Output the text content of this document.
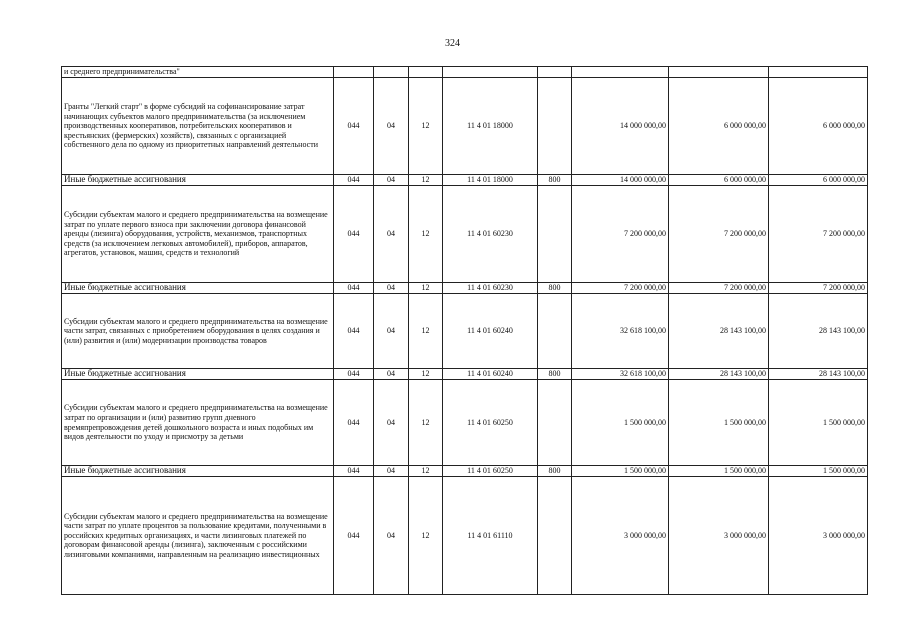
324
и среднего предпринимательства"								
Гранты "Легкий старт" в форме субсидий на софинансирование затрат начинающих субъектов малого предпринимательства (за исключением производственных кооперативов, потребительских кооперативов и крестьянских (фермерских) хозяйств), связанных с организацией собственного дела по одному из приоритетных направлений деятельности	044	04	12	11 4 01 18000		14 000 000,00	6 000 000,00	6 000 000,00
Иные бюджетные ассигнования	044	04	12	11 4 01 18000	800	14 000 000,00	6 000 000,00	6 000 000,00
Субсидии субъектам малого и среднего предпринимательства на возмещение затрат по уплате первого взноса при заключении договора финансовой аренды (лизинга) оборудования, устройств, механизмов, транспортных средств (за исключением легковых автомобилей), приборов, аппаратов, агрегатов, установок, машин, средств и технологий	044	04	12	11 4 01 60230		7 200 000,00	7 200 000,00	7 200 000,00
Иные бюджетные ассигнования	044	04	12	11 4 01 60230	800	7 200 000,00	7 200 000,00	7 200 000,00
Субсидии субъектам малого и среднего предпринимательства на возмещение части затрат, связанных с приобретением оборудования в целях создания и (или) развития и (или) модернизации производства товаров	044	04	12	11 4 01 60240		32 618 100,00	28 143 100,00	28 143 100,00
Иные бюджетные ассигнования	044	04	12	11 4 01 60240	800	32 618 100,00	28 143 100,00	28 143 100,00
Субсидии субъектам малого и среднего предпринимательства на возмещение затрат по организации и (или) развитию групп дневного времяпрепровождения детей дошкольного возраста и иных подобных им видов деятельности по уходу и присмотру за детьми	044	04	12	11 4 01 60250		1 500 000,00	1 500 000,00	1 500 000,00
Иные бюджетные ассигнования	044	04	12	11 4 01 60250	800	1 500 000,00	1 500 000,00	1 500 000,00
Субсидии субъектам малого и среднего предпринимательства на возмещение части затрат по уплате процентов за пользование кредитами, полученными в российских кредитных организациях, и части лизинговых платежей по договорам финансовой аренды (лизинга), заключенным с российскими лизинговыми компаниями, направленным на реализацию инвестиционных	044	04	12	11 4 01 61110		3 000 000,00	3 000 000,00	3 000 000,00
